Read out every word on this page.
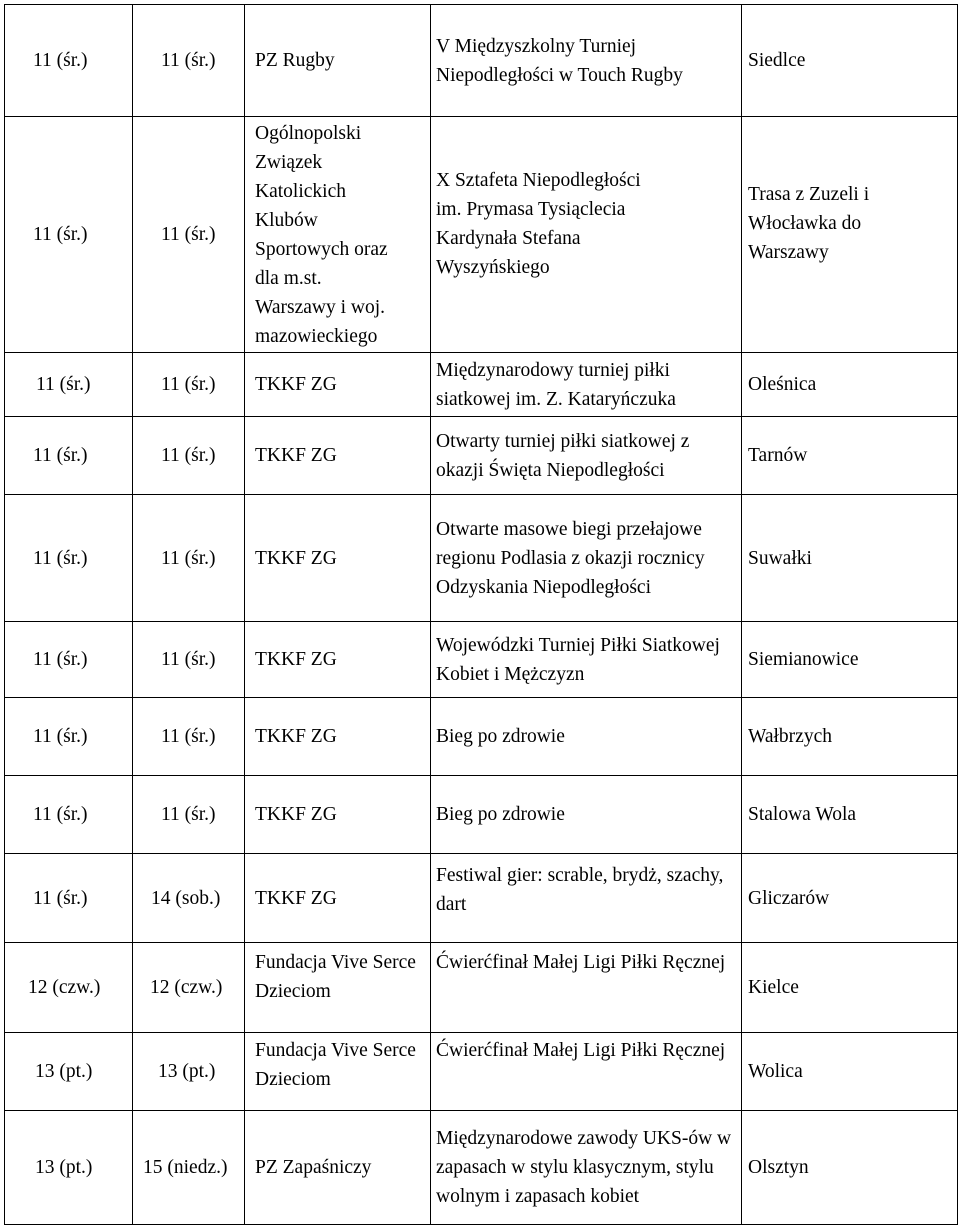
11 (śr.)	11 (śr.)	PZ Rugby	V Międzyszkolny Turniej Niepodległości w Touch Rugby	Siedlce
11 (śr.)	11 (śr.)	Ogólnopolski Związek Katolickich Klubów Sportowych oraz dla m.st. Warszawy i woj. mazowieckiego	X Sztafeta Niepodległości im. Prymasa Tysiąclecia Kardynała Stefana Wyszyńskiego	Trasa z Zuzeli i Włocławka do Warszawy

11 (śr.)	11 (śr.)	TKKF ZG	Międzynarodowy turniej piłki siatkowej im. Z. Kataryńczuka	Oleśnica
11 (śr.)	11 (śr.)	TKKF ZG	Otwarty turniej piłki siatkowej z okazji Święta Niepodległości	Tarnów
11 (śr.)	11 (śr.)	TKKF ZG	Otwarte masowe biegi przełajowe regionu Podlasia z okazji rocznicy Odzyskania Niepodległości	Suwałki
11 (śr.)	11 (śr.)	TKKF ZG	Wojewódzki Turniej Piłki Siatkowej Kobiet i Mężczyzn	Siemianowice
11 (śr.)	11 (śr.)	TKKF ZG	Bieg po zdrowie	Wałbrzych
11 (śr.)	11 (śr.)	TKKF ZG	Bieg po zdrowie	Stalowa Wola
11 (śr.)	14 (sob.)	TKKF ZG	Festiwal gier: scrable, brydż, szachy, dart	Gliczarów
12 (czw.)	12 (czw.)	Fundacja Vive Serce Dzieciom	Ćwierćfinał Małej Ligi Piłki Ręcznej	Kielce
13 (pt.)	13 (pt.)	Fundacja Vive Serce Dzieciom	Ćwierćfinał Małej Ligi Piłki Ręcznej	Wolica
13 (pt.)	15 (niedz.)	PZ Zapaśniczy	Międzynarodowe zawody UKS-ów w zapasach w stylu klasycznym, stylu wolnym i zapasach kobiet	Olsztyn
